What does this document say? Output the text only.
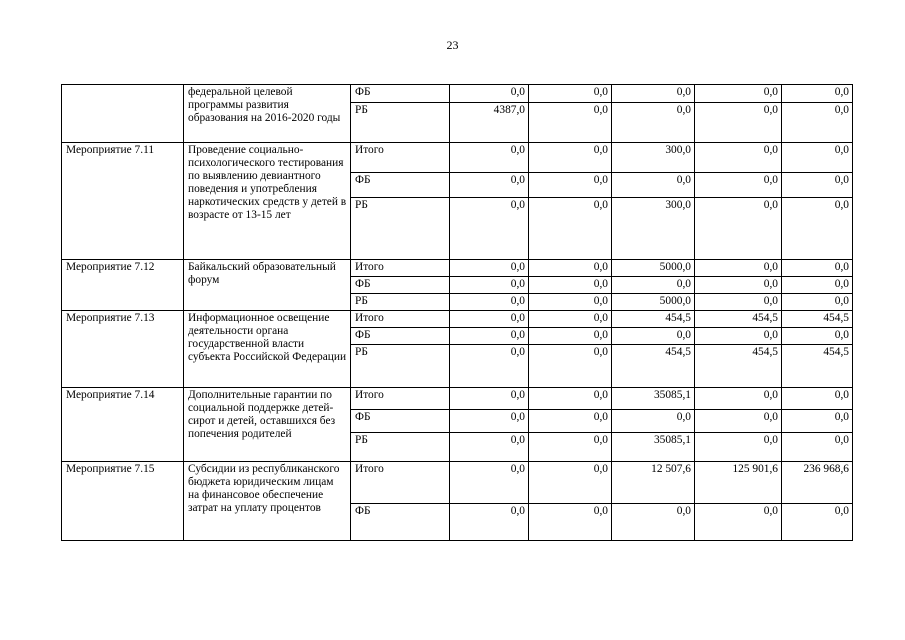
23
	федеральной целевой программы развития образования на 2016-2020 годы	ФБ	0,0	0,0	0,0	0,0	0,0
		РБ	4387,0	0,0	0,0	0,0	0,0
Мероприятие 7.11	Проведение социально-психологического тестирования по выявлению девиантного поведения и употребления наркотических средств у детей в возрасте от 13-15 лет	Итого	0,0	0,0	300,0	0,0	0,0
		ФБ	0,0	0,0	0,0	0,0	0,0
		РБ	0,0	0,0	300,0	0,0	0,0
Мероприятие 7.12	Байкальский образовательный форум	Итого	0,0	0,0	5000,0	0,0	0,0
		ФБ	0,0	0,0	0,0	0,0	0,0
		РБ	0,0	0,0	5000,0	0,0	0,0
Мероприятие 7.13	Информационное освещение деятельности органа государственной власти субъекта Российской Федерации	Итого	0,0	0,0	454,5	454,5	454,5
		ФБ	0,0	0,0	0,0	0,0	0,0
		РБ	0,0	0,0	454,5	454,5	454,5
Мероприятие 7.14	Дополнительные гарантии по социальной поддержке детей-сирот и детей, оставшихся без попечения родителей	Итого	0,0	0,0	35085,1	0,0	0,0
		ФБ	0,0	0,0	0,0	0,0	0,0
		РБ	0,0	0,0	35085,1	0,0	0,0
Мероприятие 7.15	Субсидии из республиканского бюджета юридическим лицам на финансовое обеспечение затрат на уплату процентов	Итого	0,0	0,0	12 507,6	125 901,6	236 968,6
		ФБ	0,0	0,0	0,0	0,0	0,0
